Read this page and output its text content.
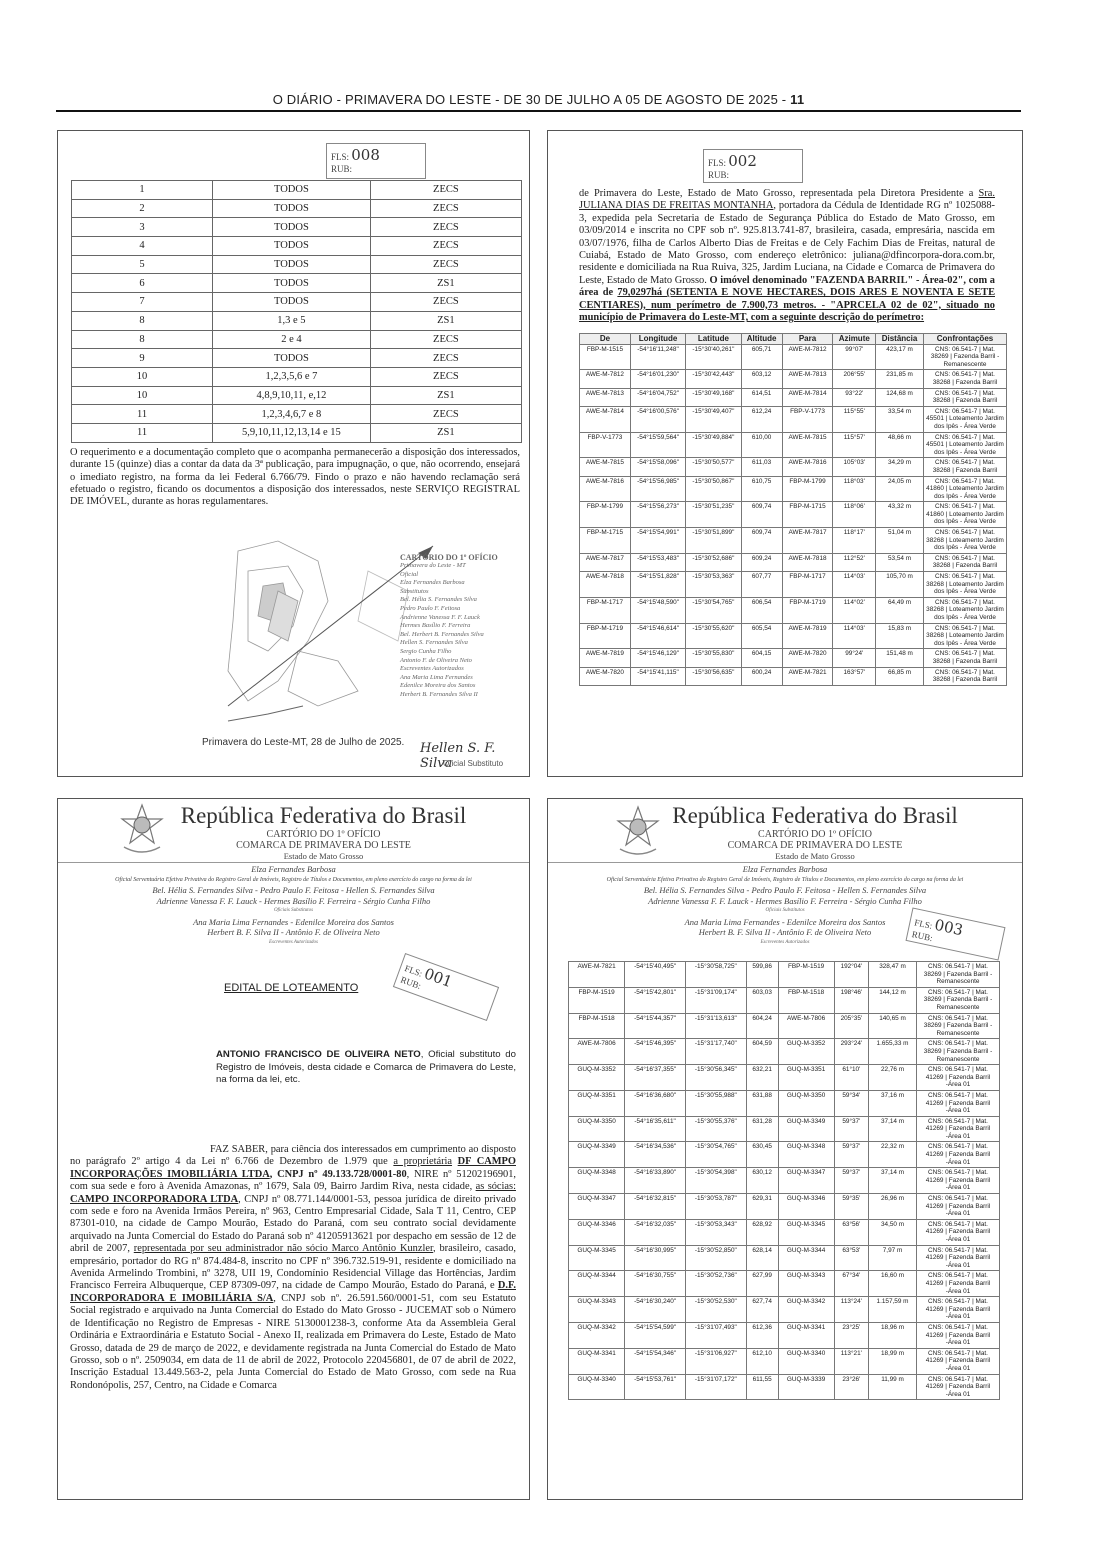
O DIÁRIO - PRIMAVERA DO LESTE - DE 30 DE JULHO A 05 DE AGOSTO DE 2025 - 11
FLS: 008
RUB:
1	TODOS	ZECS
2	TODOS	ZECS
3	TODOS	ZECS
4	TODOS	ZECS
5	TODOS	ZECS
6	TODOS	ZS1
7	TODOS	ZECS
8	1,3 e 5	ZS1
8	2 e 4	ZECS
9	TODOS	ZECS
10	1,2,3,5,6 e 7	ZECS
10	4,8,9,10,11, e,12	ZS1
11	1,2,3,4,6,7 e 8	ZECS
11	5,9,10,11,12,13,14 e 15	ZS1
O requerimento e a documentação completo que o acompanha permanecerão a disposição dos interessados, durante 15 (quinze) dias a contar da data da 3ª publicação, para impugnação, o que, não ocorrendo, ensejará o imediato registro, na forma da lei Federal 6.766/79. Findo o prazo e não havendo reclamação será efetuado o registro, ficando os documentos a disposição dos interessados, neste SERVIÇO REGISTRAL DE IMÓVEL, durante as horas regulamentares.
CARTÓRIO DO 1º OFÍCIO
Primavera do Leste - MT
Oficial
Elza Fernandes Barbosa
Substitutos
Bel. Hélia S. Fernandes Silva
Pedro Paulo F. Feitosa
Andrienne Vanessa F. F. Lauck
Hermes Basílio F. Ferreira
Bel. Herbert B. Fernandes Silva
Hellen S. Fernandes Silva
Sergio Cunha Filho
Antonio F. de Oliveira Neto
Escreventes Autorizados
Ana Maria Lima Fernandes
Edenilce Moreira dos Santos
Herbert B. Fernandes Silva II
Primavera do Leste-MT, 28 de Julho de 2025. Hellen S. F. Silva
Oficial Substituto
FLS: 002
RUB:
de Primavera do Leste, Estado de Mato Grosso, representada pela Diretora Presidente a Sra. JULIANA DIAS DE FREITAS MONTANHA, portadora da Cédula de Identidade RG nº 1025088-3, expedida pela Secretaria de Estado de Segurança Pública do Estado de Mato Grosso, em 03/09/2014 e inscrita no CPF sob nº. 925.813.741-87, brasileira, casada, empresária, nascida em 03/07/1976, filha de Carlos Alberto Dias de Freitas e de Cely Fachim Dias de Freitas, natural de Cuiabá, Estado de Mato Grosso, com endereço eletrônico: juliana@dfincorpora-dora.com.br, residente e domiciliada na Rua Ruiva, 325, Jardim Luciana, na Cidade e Comarca de Primavera do Leste, Estado de Mato Grosso. O imóvel denominado "FAZENDA BARRIL" - Área-02", com a área de 79,0297há (SETENTA E NOVE HECTARES, DOIS ARES E NOVENTA E SETE CENTIARES), num perímetro de 7.900,73 metros. - "APRCELA 02 de 02", situado no município de Primavera do Leste-MT, com a seguinte descrição do perímetro:
De	Longitude	Latitude	Altitude	Para	Azimute	Distância	Confrontações
FBP-M-1515	-54°16'11,248"	-15°30'40,261"	605,71	AWE-M-7812	99°07'	423,17 m	CNS: 06.541-7 | Mat. 38269 | Fazenda Barril - Remanescente
AWE-M-7812	-54°16'01,230"	-15°30'42,443"	603,12	AWE-M-7813	206°55'	231,85 m	CNS: 06.541-7 | Mat. 38268 | Fazenda Barril
AWE-M-7813	-54°16'04,752"	-15°30'49,168"	614,51	AWE-M-7814	93°22'	124,68 m	CNS: 06.541-7 | Mat. 38268 | Fazenda Barril
AWE-M-7814	-54°16'00,576"	-15°30'49,407"	612,24	FBP-V-1773	115°55'	33,54 m	CNS: 06.541-7 | Mat. 45501 | Loteamento Jardim dos Ipês - Área Verde
FBP-V-1773	-54°15'59,564"	-15°30'49,884"	610,00	AWE-M-7815	115°57'	48,66 m	CNS: 06.541-7 | Mat. 45501 | Loteamento Jardim dos Ipês - Área Verde
AWE-M-7815	-54°15'58,096"	-15°30'50,577"	611,03	AWE-M-7816	105°03'	34,29 m	CNS: 06.541-7 | Mat. 38268 | Fazenda Barril
AWE-M-7816	-54°15'56,985"	-15°30'50,867"	610,75	FBP-M-1799	118°03'	24,05 m	CNS: 06.541-7 | Mat. 41860 | Loteamento Jardim dos Ipês - Área Verde
FBP-M-1799	-54°15'56,273"	-15°30'51,235"	609,74	FBP-M-1715	118°06'	43,32 m	CNS: 06.541-7 | Mat. 41860 | Loteamento Jardim dos Ipês - Área Verde
FBP-M-1715	-54°15'54,991"	-15°30'51,899"	609,74	AWE-M-7817	118°17'	51,04 m	CNS: 06.541-7 | Mat. 38268 | Loteamento Jardim dos Ipês - Área Verde
AWE-M-7817	-54°15'53,483"	-15°30'52,686"	609,24	AWE-M-7818	112°52'	53,54 m	CNS: 06.541-7 | Mat. 38268 | Fazenda Barril
AWE-M-7818	-54°15'51,828"	-15°30'53,363"	607,77	FBP-M-1717	114°03'	105,70 m	CNS: 06.541-7 | Mat. 38268 | Loteamento Jardim dos Ipês - Área Verde
FBP-M-1717	-54°15'48,590"	-15°30'54,765"	606,54	FBP-M-1719	114°02'	64,49 m	CNS: 06.541-7 | Mat. 38268 | Loteamento Jardim dos Ipês - Área Verde
FBP-M-1719	-54°15'46,614"	-15°30'55,620"	605,54	AWE-M-7819	114°03'	15,83 m	CNS: 06.541-7 | Mat. 38268 | Loteamento Jardim dos Ipês - Área Verde
AWE-M-7819	-54°15'46,129"	-15°30'55,830"	604,15	AWE-M-7820	99°24'	151,48 m	CNS: 06.541-7 | Mat. 38268 | Fazenda Barril
AWE-M-7820	-54°15'41,115"	-15°30'56,635"	600,24	AWE-M-7821	163°57'	66,85 m	CNS: 06.541-7 | Mat. 38268 | Fazenda Barril
República Federativa do Brasil
CARTÓRIO DO 1º OFÍCIO
COMARCA DE PRIMAVERA DO LESTE
Estado de Mato Grosso
Elza Fernandes Barbosa
Oficial Serventuária Efetiva Privativa do Registro Geral de Imóveis, Registro de Títulos e Documentos, em pleno exercício do cargo na forma da lei
Bel. Hélia S. Fernandes Silva - Pedro Paulo F. Feitosa - Hellen S. Fernandes Silva
Adrienne Vanessa F. F. Lauck - Hermes Basílio F. Ferreira - Sérgio Cunha Filho
Oficiais Substitutos
Ana Maria Lima Fernandes - Edenilce Moreira dos Santos
Herbert B. F. Silva II - Antônio F. de Oliveira Neto
Escreventes Autorizados
FLS: 001
RUB:
EDITAL DE LOTEAMENTO
ANTONIO FRANCISCO DE OLIVEIRA NETO, Oficial substituto do Registro de Imóveis, desta cidade e Comarca de Primavera do Leste, na forma da lei, etc.
FAZ SABER, para ciência dos interessados em cumprimento ao disposto no parágrafo 2º artigo 4 da Lei nº 6.766 de Dezembro de 1.979 que a proprietária DF CAMPO INCORPORAÇÕES IMOBILIÁRIA LTDA, CNPJ nº 49.133.728/0001-80, NIRE nº 51202196901, com sua sede e foro à Avenida Amazonas, nº 1679, Sala 09, Bairro Jardim Riva, nesta cidade, as sócias: CAMPO INCORPORADORA LTDA, CNPJ nº 08.771.144/0001-53, pessoa jurídica de direito privado com sede e foro na Avenida Irmãos Pereira, nº 963, Centro Empresarial Cidade, Sala T 11, Centro, CEP 87301-010, na cidade de Campo Mourão, Estado do Paraná, com seu contrato social devidamente arquivado na Junta Comercial do Estado do Paraná sob nº 41205913621 por despacho em sessão de 12 de abril de 2007, representada por seu administrador não sócio Marco Antônio Kunzler, brasileiro, casado, empresário, portador do RG nº 874.484-8, inscrito no CPF nº 396.732.519-91, residente e domiciliado na Avenida Armelindo Trombini, nº 3278, UII 19, Condomínio Residencial Village das Hortências, Jardim Francisco Ferreira Albuquerque, CEP 87309-097, na cidade de Campo Mourão, Estado do Paraná, e D.F. INCORPORADORA E IMOBILIÁRIA S/A, CNPJ sob nº. 26.591.560/0001-51, com seu Estatuto Social registrado e arquivado na Junta Comercial do Estado do Mato Grosso - JUCEMAT sob o Número de Identificação no Registro de Empresas - NIRE 5130001238-3, conforme Ata da Assembleia Geral Ordinária e Extraordinária e Estatuto Social - Anexo II, realizada em Primavera do Leste, Estado de Mato Grosso, datada de 29 de março de 2022, e devidamente registrada na Junta Comercial do Estado de Mato Grosso, sob o nº. 2509034, em data de 11 de abril de 2022, Protocolo 220456801, de 07 de abril de 2022, Inscrição Estadual 13.449.563-2, pela Junta Comercial do Estado de Mato Grosso, com sede na Rua Rondonópolis, 257, Centro, na Cidade e Comarca
República Federativa do Brasil
CARTÓRIO DO 1º OFÍCIO
COMARCA DE PRIMAVERA DO LESTE
Estado de Mato Grosso
Elza Fernandes Barbosa
Oficial Serventuária Efetiva Privativa do Registro Geral de Imóveis, Registro de Títulos e Documentos, em pleno exercício do cargo na forma da lei
Bel. Hélia S. Fernandes Silva - Pedro Paulo F. Feitosa - Hellen S. Fernandes Silva
Adrienne Vanessa F. F. Lauck - Hermes Basílio F. Ferreira - Sérgio Cunha Filho
Oficiais Substitutos
Ana Maria Lima Fernandes - Edenilce Moreira dos Santos
Herbert B. F. Silva II - Antônio F. de Oliveira Neto
Escreventes Autorizados
FLS: 003
RUB:
AWE-M-7821	-54°15'40,495"	-15°30'58,725"	599,86	FBP-M-1519	192°04'	328,47 m	CNS: 06.541-7 | Mat. 38269 | Fazenda Barril - Remanescente
FBP-M-1519	-54°15'42,801"	-15°31'09,174"	603,03	FBP-M-1518	198°46'	144,12 m	CNS: 06.541-7 | Mat. 38269 | Fazenda Barril - Remanescente
FBP-M-1518	-54°15'44,357"	-15°31'13,613"	604,24	AWE-M-7806	205°35'	140,65 m	CNS: 06.541-7 | Mat. 38269 | Fazenda Barril - Remanescente
AWE-M-7806	-54°15'46,395"	-15°31'17,740"	604,59	GUQ-M-3352	293°24'	1.655,33 m	CNS: 06.541-7 | Mat. 38269 | Fazenda Barril - Remanescente
GUQ-M-3352	-54°16'37,355"	-15°30'56,345"	632,21	GUQ-M-3351	61°10'	22,76 m	CNS: 06.541-7 | Mat. 41269 | Fazenda Barril -Área 01
GUQ-M-3351	-54°16'36,680"	-15°30'55,988"	631,88	GUQ-M-3350	59°34'	37,16 m	CNS: 06.541-7 | Mat. 41269 | Fazenda Barril -Área 01
GUQ-M-3350	-54°16'35,611"	-15°30'55,376"	631,28	GUQ-M-3349	59°37'	37,14 m	CNS: 06.541-7 | Mat. 41269 | Fazenda Barril -Área 01
GUQ-M-3349	-54°16'34,536"	-15°30'54,765"	630,45	GUQ-M-3348	59°37'	22,32 m	CNS: 06.541-7 | Mat. 41269 | Fazenda Barril -Área 01
GUQ-M-3348	-54°16'33,890"	-15°30'54,398"	630,12	GUQ-M-3347	59°37'	37,14 m	CNS: 06.541-7 | Mat. 41269 | Fazenda Barril -Área 01
GUQ-M-3347	-54°16'32,815"	-15°30'53,787"	629,31	GUQ-M-3346	59°35'	26,96 m	CNS: 06.541-7 | Mat. 41269 | Fazenda Barril -Área 01
GUQ-M-3346	-54°16'32,035"	-15°30'53,343"	628,92	GUQ-M-3345	63°56'	34,50 m	CNS: 06.541-7 | Mat. 41269 | Fazenda Barril -Área 01
GUQ-M-3345	-54°16'30,995"	-15°30'52,850"	628,14	GUQ-M-3344	63°53'	7,97 m	CNS: 06.541-7 | Mat. 41269 | Fazenda Barril -Área 01
GUQ-M-3344	-54°16'30,755"	-15°30'52,736"	627,99	GUQ-M-3343	67°34'	16,60 m	CNS: 06.541-7 | Mat. 41269 | Fazenda Barril -Área 01
GUQ-M-3343	-54°16'30,240"	-15°30'52,530"	627,74	GUQ-M-3342	113°24'	1.157,59 m	CNS: 06.541-7 | Mat. 41269 | Fazenda Barril -Área 01
GUQ-M-3342	-54°15'54,599"	-15°31'07,493"	612,36	GUQ-M-3341	23°25'	18,96 m	CNS: 06.541-7 | Mat. 41269 | Fazenda Barril -Área 01
GUQ-M-3341	-54°15'54,346"	-15°31'06,927"	612,10	GUQ-M-3340	113°21'	18,99 m	CNS: 06.541-7 | Mat. 41269 | Fazenda Barril -Área 01
GUQ-M-3340	-54°15'53,761"	-15°31'07,172"	611,55	GUQ-M-3339	23°26'	11,99 m	CNS: 06.541-7 | Mat. 41269 | Fazenda Barril -Área 01
